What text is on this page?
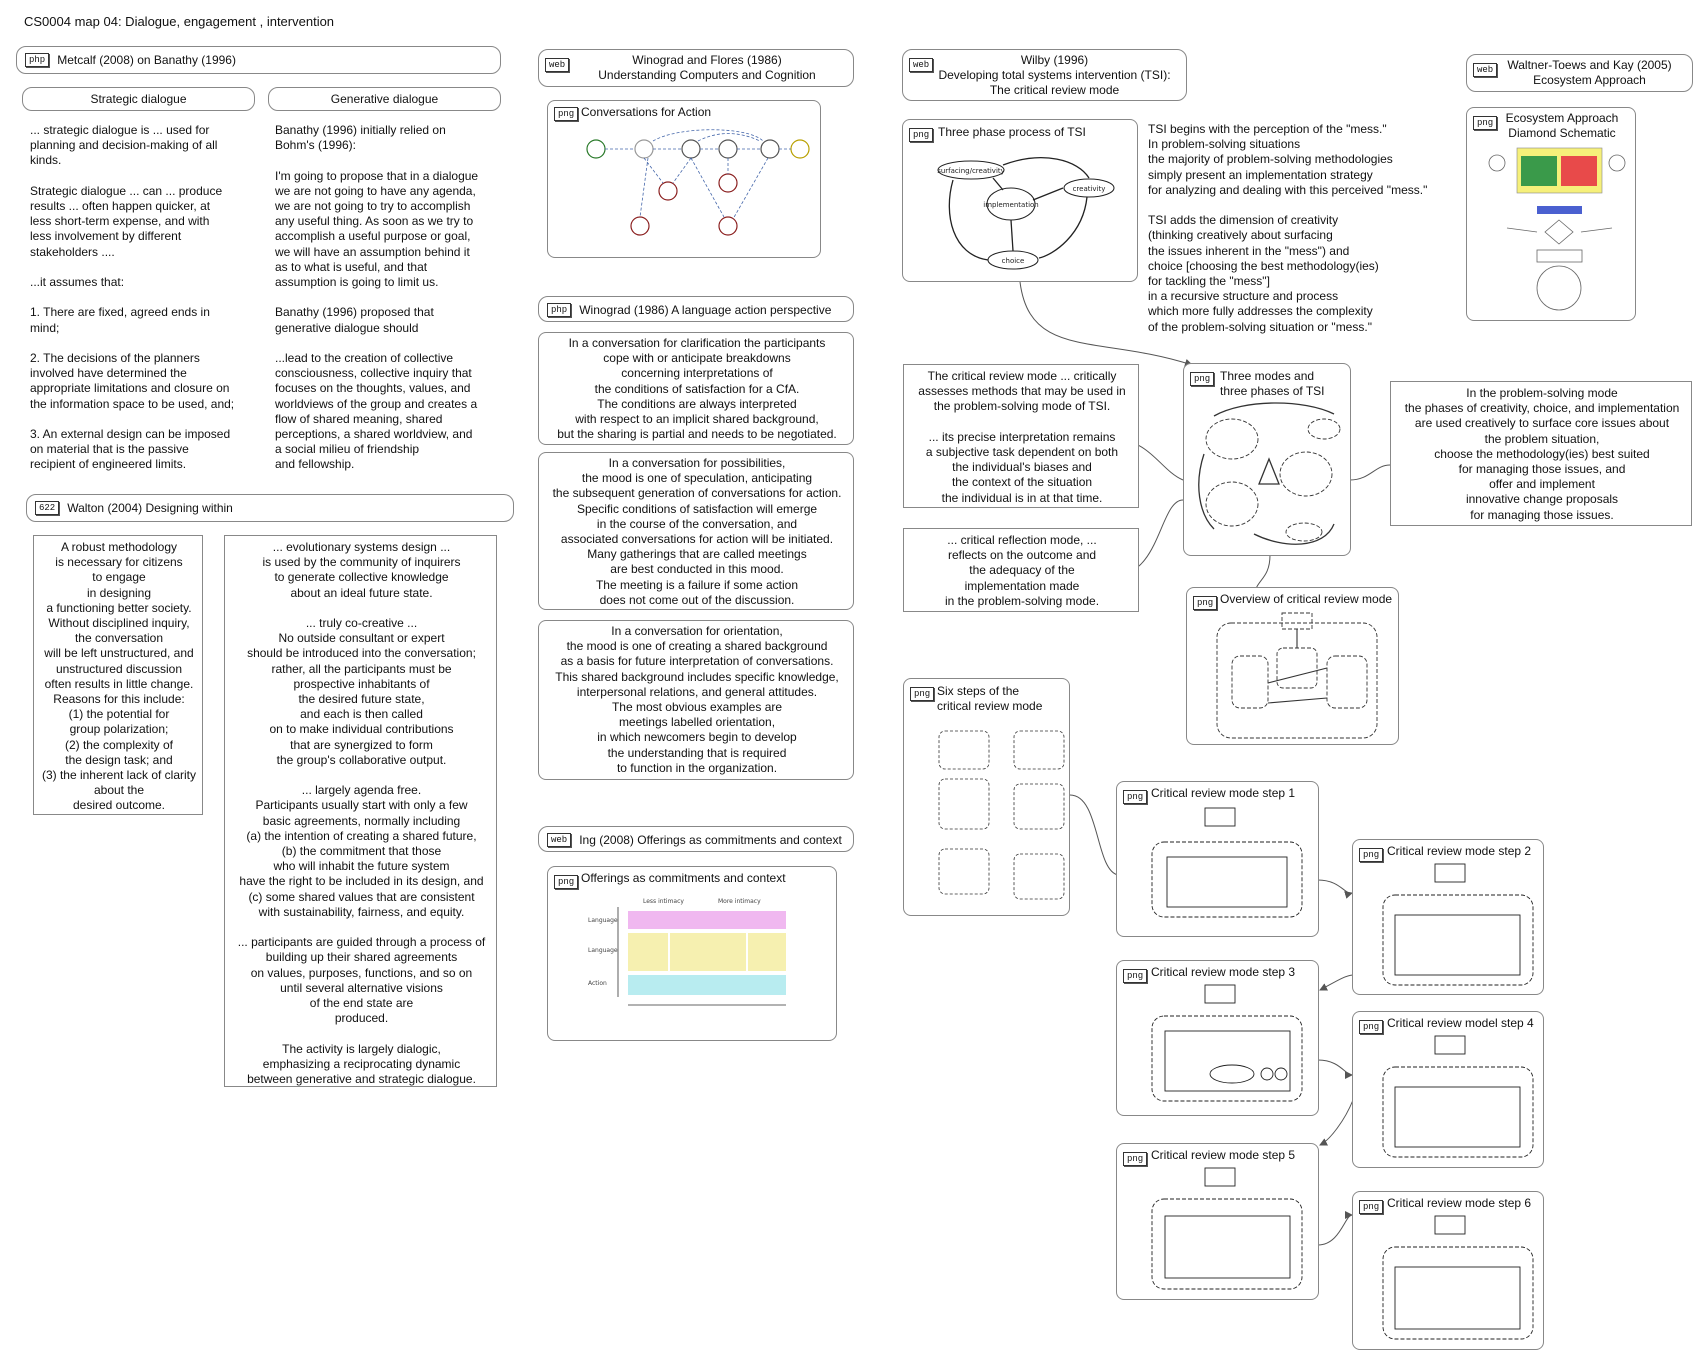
CS0004 map 04: Dialogue, engagement , intervention
php Metcalf (2008) on Banathy (1996)
Strategic dialogue	Generative dialogue
... strategic dialogue is ... used for
planning and decision-making of all
kinds.

Strategic dialogue ... can ... produce
results ... often happen quicker, at
less short-term expense, and with
less involvement by different
stakeholders ....

...it assumes that:

1. There are fixed, agreed ends in
mind;

2. The decisions of the planners
involved have determined the
appropriate limitations and closure on
the information space to be used, and;

3. An external design can be imposed
on material that is the passive
recipient of engineered limits.
Banathy (1996) initially relied on
Bohm's (1996):

I'm going to propose that in a dialogue
we are not going to have any agenda,
we are not going to try to accomplish
any useful thing. As soon as we try to
accomplish a useful purpose or goal,
we will have an assumption behind it
as to what is useful, and that
assumption is going to limit us.

Banathy (1996) proposed that
generative dialogue should

...lead to the creation of collective
consciousness, collective inquiry that
focuses on the thoughts, values, and
worldviews of the group and creates a
flow of shared meaning, shared
perceptions, a shared worldview, and
a social milieu of friendship
and fellowship.
622 Walton (2004) Designing within
A robust methodology
is necessary for citizens
to engage
in designing
a functioning better society.
Without disciplined inquiry,
the conversation
will be left unstructured, and
unstructured discussion
often results in little change.
Reasons for this include:
(1) the potential for
group polarization;
(2) the complexity of
the design task; and
(3) the inherent lack of clarity
about the
desired outcome.
... evolutionary systems design ...
is used by the community of inquirers
to generate collective knowledge
about an ideal future state.

... truly co-creative ...
No outside consultant or expert
should be introduced into the conversation;
rather, all the participants must be
prospective inhabitants of
the desired future state,
and each is then called
on to make individual contributions
that are synergized to form
the group's collaborative output.

... largely agenda free.
Participants usually start with only a few
basic agreements, normally including
(a) the intention of creating a shared future,
(b) the commitment that those
who will inhabit the future system
have the right to be included in its design, and
(c) some shared values that are consistent
with sustainability, fairness, and equity.

... participants are guided through a process of
building up their shared agreements
on values, purposes, functions, and so on
until several alternative visions
of the end state are
produced.

The activity is largely dialogic,
emphasizing a reciprocating dynamic
between generative and strategic dialogue.
web	Winograd and Flores (1986)
Understanding Computers and Cognition
png Conversations for Action
php Winograd (1986) A language action perspective
In a conversation for clarification the participants
cope with or anticipate breakdowns
concerning interpretations of
the conditions of satisfaction for a CfA.
The conditions are always interpreted
with respect to an implicit shared background,
but the sharing is partial and needs to be negotiated.
In a conversation for possibilities,
the mood is one of speculation, anticipating
the subsequent generation of conversations for action.
Specific conditions of satisfaction will emerge
in the course of the conversation, and
associated conversations for action will be initiated.
Many gatherings that are called meetings
are best conducted in this mood.
The meeting is a failure if some action
does not come out of the discussion.
In a conversation for orientation,
the mood is one of creating a shared background
as a basis for future interpretation of conversations.
This shared background includes specific knowledge,
interpersonal relations, and general attitudes.
The most obvious examples are
meetings labelled orientation,
in which newcomers begin to develop
the understanding that is required
to function in the organization.
web Ing (2008) Offerings as commitments and context
png Offerings as commitments and context
Language
Language
Action
Less intimacy	More intimacy
web	Wilby (1996)
Developing total systems intervention (TSI):
The critical review mode
png Three phase process of TSI
surfacing/creativity
creativity
choice
implementation
TSI begins with the perception of the "mess."
In problem-solving situations
the majority of problem-solving methodologies
simply present an implementation strategy
for analyzing and dealing with this perceived "mess."

TSI adds the dimension of creativity
(thinking creatively about surfacing
the issues inherent in the "mess") and
choice [choosing the best methodology(ies)
for tackling the "mess"]
in a recursive structure and process
which more fully addresses the complexity
of the problem-solving situation or "mess."
The critical review mode ... critically
assesses methods that may be used in
the problem-solving mode of TSI.

... its precise interpretation remains
a subjective task dependent on both
the individual's biases and
the context of the situation
the individual is in at that time.
... critical reflection mode, ...
reflects on the outcome and
the adequacy of the
implementation made
in the problem-solving mode.
png Three modes and
three phases of TSI	In the problem-solving mode
the phases of creativity, choice, and implementation
are used creatively to surface core issues about
the problem situation,
choose the methodology(ies) best suited
for managing those issues, and
offer and implement
innovative change proposals
for managing those issues.
png Overview of critical review mode
png Six steps of the
critical review mode
png Critical review mode step 1
png Critical review mode step 2
png Critical review mode step 3
png Critical review model step 4
png Critical review mode step 5
png Critical review mode step 6
web	Waltner-Toews and Kay (2005)
Ecosystem Approach
png	Ecosystem Approach
Diamond Schematic
